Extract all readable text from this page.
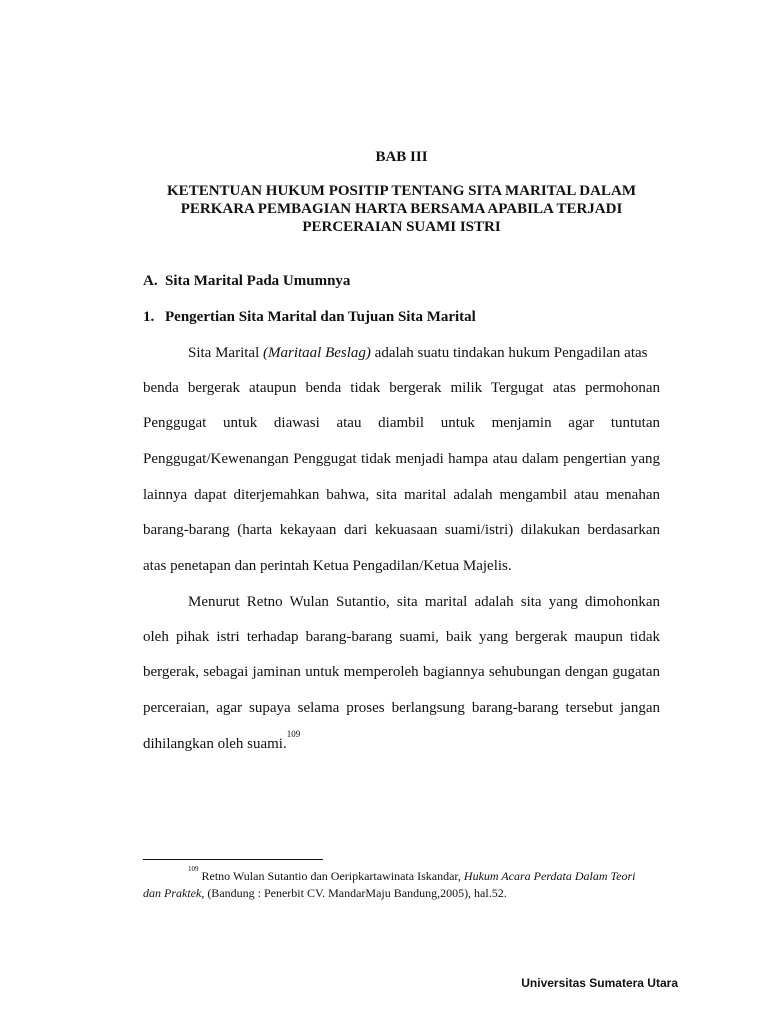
BAB III
KETENTUAN HUKUM POSITIP TENTANG SITA MARITAL DALAM
PERKARA PEMBAGIAN HARTA BERSAMA APABILA TERJADI
PERCERAIAN SUAMI ISTRI
A. Sita Marital Pada Umumnya
1. Pengertian Sita Marital dan Tujuan Sita Marital
Sita Marital (Maritaal Beslag) adalah suatu tindakan hukum Pengadilan atas
benda bergerak ataupun benda tidak bergerak milik Tergugat atas permohonan
Penggugat untuk diawasi atau diambil untuk menjamin agar tuntutan
Penggugat/Kewenangan Penggugat tidak menjadi hampa atau dalam pengertian yang
lainnya dapat diterjemahkan bahwa, sita marital adalah mengambil atau menahan
barang-barang (harta kekayaan dari kekuasaan suami/istri) dilakukan berdasarkan
atas penetapan dan perintah Ketua Pengadilan/Ketua Majelis.
Menurut Retno Wulan Sutantio, sita marital adalah sita yang dimohonkan
oleh pihak istri terhadap barang-barang suami, baik yang bergerak maupun tidak
bergerak, sebagai jaminan untuk memperoleh bagiannya sehubungan dengan gugatan
perceraian, agar supaya selama proses berlangsung barang-barang tersebut jangan
dihilangkan oleh suami.$^{109}$
$^{109}$ Retno Wulan Sutantio dan Oeripkartawinata Iskandar, Hukum Acara Perdata Dalam Teori
dan Praktek, (Bandung : Penerbit CV. MandarMaju Bandung,2005), hal.52.
Universitas Sumatera Utara
